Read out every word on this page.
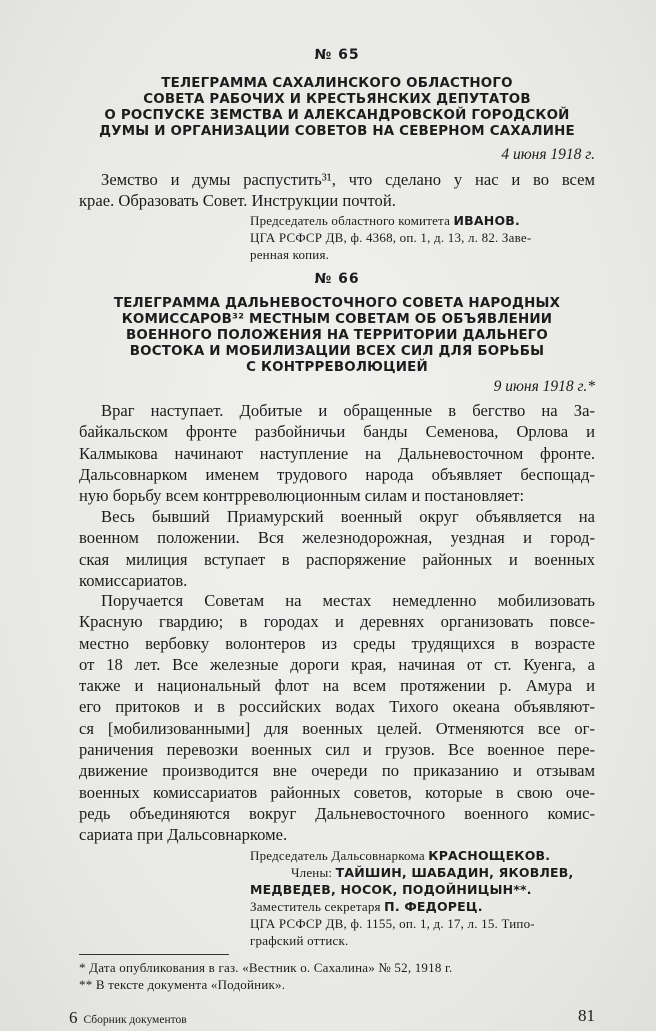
№ 65
ТЕЛЕГРАММА САХАЛИНСКОГО ОБЛАСТНОГО
СОВЕТА РАБОЧИХ И КРЕСТЬЯНСКИХ ДЕПУТАТОВ
О РОСПУСКЕ ЗЕМСТВА И АЛЕКСАНДРОВСКОЙ ГОРОДСКОЙ
ДУМЫ И ОРГАНИЗАЦИИ СОВЕТОВ НА СЕВЕРНОМ САХАЛИНЕ
4 июня 1918 г.
Земство и думы распустить³¹, что сделано у нас и во всем
крае. Образовать Совет. Инструкции почтой.
Председатель областного комитета ИВАНОВ.
ЦГА РСФСР ДВ, ф. 4368, оп. 1, д. 13, л. 82. Заве-
ренная копия.
№ 66
ТЕЛЕГРАММА ДАЛЬНЕВОСТОЧНОГО СОВЕТА НАРОДНЫХ
КОМИССАРОВ³² МЕСТНЫМ СОВЕТАМ ОБ ОБЪЯВЛЕНИИ
ВОЕННОГО ПОЛОЖЕНИЯ НА ТЕРРИТОРИИ ДАЛЬНЕГО
ВОСТОКА И МОБИЛИЗАЦИИ ВСЕХ СИЛ ДЛЯ БОРЬБЫ
С КОНТРРЕВОЛЮЦИЕЙ
9 июня 1918 г.*
Враг наступает. Добитые и обращенные в бегство на За-
байкальском фронте разбойничьи банды Семенова, Орлова и
Калмыкова начинают наступление на Дальневосточном фронте.
Дальсовнарком именем трудового народа объявляет беспощад-
ную борьбу всем контрреволюционным силам и постановляет:
Весь бывший Приамурский военный округ объявляется на
военном положении. Вся железнодорожная, уездная и город-
ская милиция вступает в распоряжение районных и военных
комиссариатов.
Поручается Советам на местах немедленно мобилизовать
Красную гвардию; в городах и деревнях организовать повсе-
местно вербовку волонтеров из среды трудящихся в возрасте
от 18 лет. Все железные дороги края, начиная от ст. Куенга, а
также и национальный флот на всем протяжении р. Амура и
его притоков и в российских водах Тихого океана объявляют-
ся [мобилизованными] для военных целей. Отменяются все ог-
раничения перевозки военных сил и грузов. Все военное пере-
движение производится вне очереди по приказанию и отзывам
военных комиссариатов районных советов, которые в свою оче-
редь объединяются вокруг Дальневосточного военного комис-
сариата при Дальсовнаркоме.
Председатель Дальсовнаркома КРАСНОЩЕКОВ.
Члены: ТАЙШИН, ШАБАДИН, ЯКОВЛЕВ,
МЕДВЕДЕВ, НОСОК, ПОДОЙНИЦЫН**.
Заместитель секретаря П. ФЕДОРЕЦ.
ЦГА РСФСР ДВ, ф. 1155, оп. 1, д. 17, л. 15. Типо-
графский оттиск.
* Дата опубликования в газ. «Вестник о. Сахалина» № 52, 1918 г.
** В тексте документа «Подойник».
6 Сборник документов	81
